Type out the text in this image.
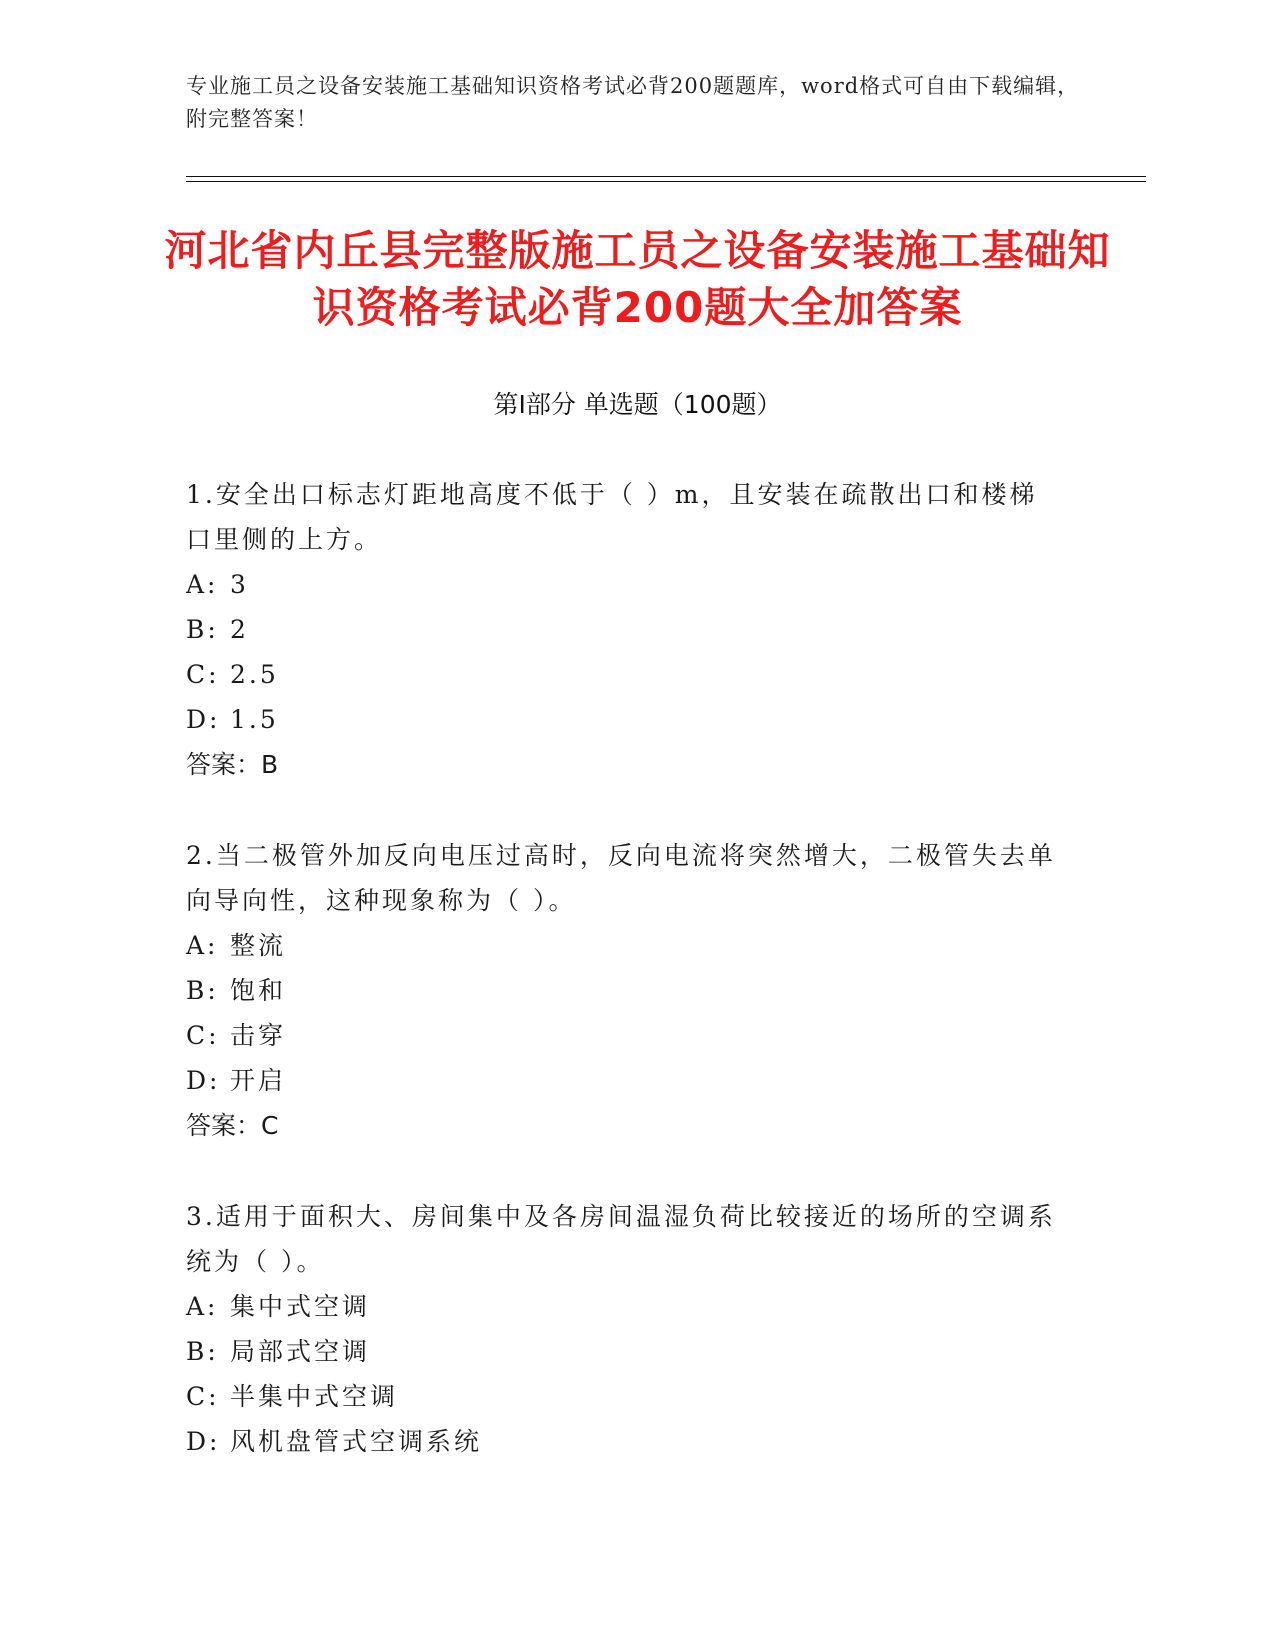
专业施工员之设备安装施工基础知识资格考试必背200题题库，word格式可自由下载编辑，附完整答案！
河北省内丘县完整版施工员之设备安装施工基础知识资格考试必背200题大全加答案
第Ⅰ部分 单选题（100题）
1.安全出口标志灯距地高度不低于（ ）m，且安装在疏散出口和楼梯口里侧的上方。
A: 3
B: 2
C: 2.5
D: 1.5
答案：B
2.当二极管外加反向电压过高时，反向电流将突然增大，二极管失去单向导向性，这种现象称为（ ）。
A: 整流
B: 饱和
C: 击穿
D: 开启
答案：C
3.适用于面积大、房间集中及各房间温湿负荷比较接近的场所的空调系统为（ ）。
A: 集中式空调
B: 局部式空调
C: 半集中式空调
D: 风机盘管式空调系统
